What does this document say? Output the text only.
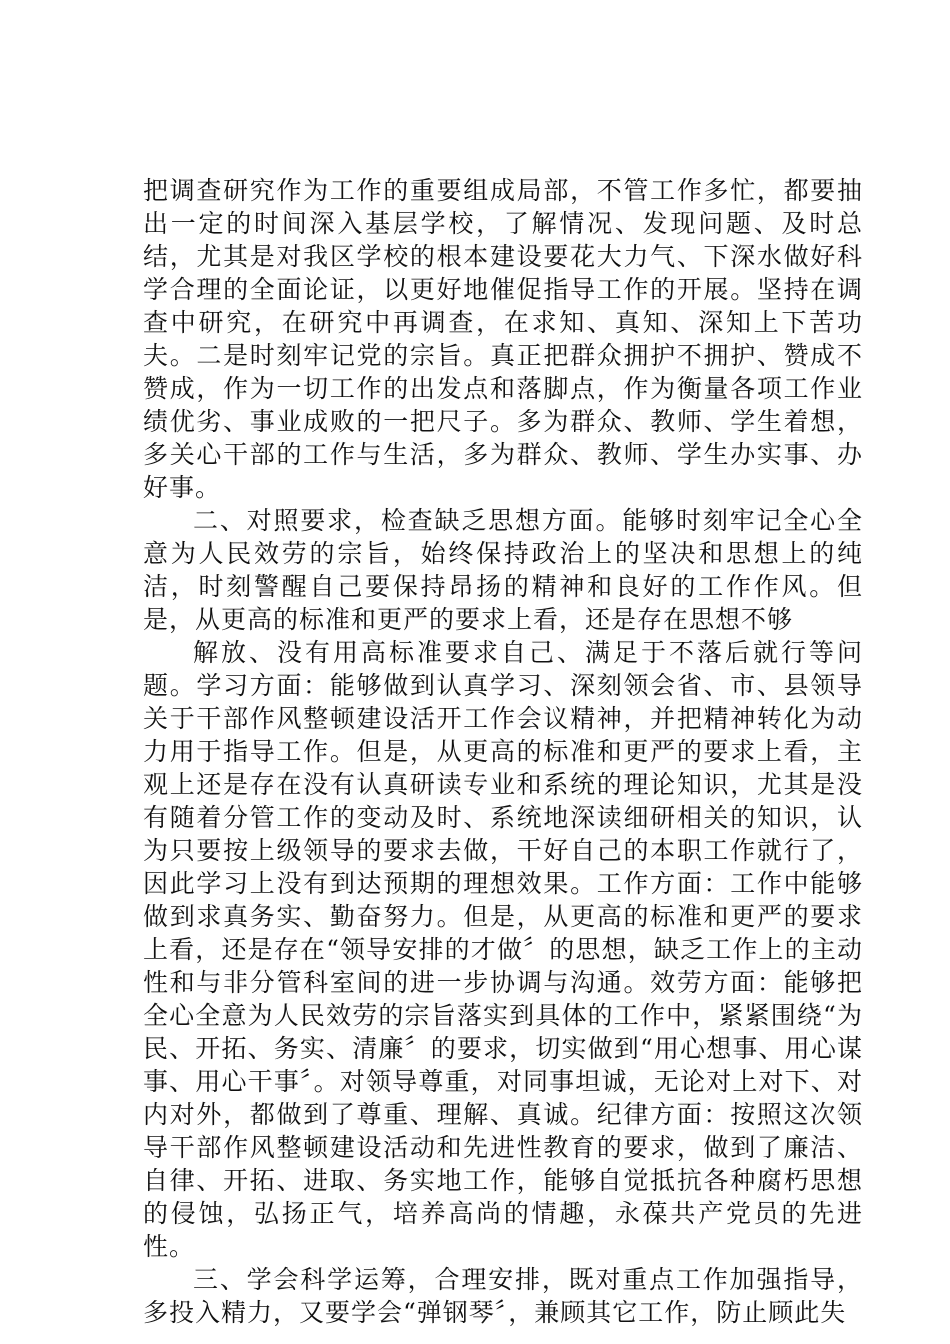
把调查研究作为工作的重要组成局部，不管工作多忙，都要抽出一定的时间深入基层学校，了解情况、发现问题、及时总结，尤其是对我区学校的根本建设要花大力气、下深水做好科学合理的全面论证，以更好地催促指导工作的开展。坚持在调查中研究，在研究中再调查，在求知、真知、深知上下苦功夫。二是时刻牢记党的宗旨。真正把群众拥护不拥护、赞成不赞成，作为一切工作的出发点和落脚点，作为衡量各项工作业绩优劣、事业成败的一把尺子。多为群众、教师、学生着想，多关心干部的工作与生活，多为群众、教师、学生办实事、办好事。

二、对照要求，检查缺乏思想方面。能够时刻牢记全心全意为人民效劳的宗旨，始终保持政治上的坚决和思想上的纯洁，时刻警醒自己要保持昂扬的精神和良好的工作作风。但是，从更高的标准和更严的要求上看，还是存在思想不够

解放、没有用高标准要求自己、满足于不落后就行等问题。学习方面：能够做到认真学习、深刻领会省、市、县领导关于干部作风整顿建设活开工作会议精神，并把精神转化为动力用于指导工作。但是，从更高的标准和更严的要求上看，主观上还是存在没有认真研读专业和系统的理论知识，尤其是没有随着分管工作的变动及时、系统地深读细研相关的知识，认为只要按上级领导的要求去做，干好自己的本职工作就行了，因此学习上没有到达预期的理想效果。工作方面：工作中能够做到求真务实、勤奋努力。但是，从更高的标准和更严的要求上看，还是存在“领导安排的才做〞的思想，缺乏工作上的主动性和与非分管科室间的进一步协调与沟通。效劳方面：能够把全心全意为人民效劳的宗旨落实到具体的工作中，紧紧围绕“为民、开拓、务实、清廉〞的要求，切实做到“用心想事、用心谋事、用心干事〞。对领导尊重，对同事坦诚，无论对上对下、对内对外，都做到了尊重、理解、真诚。纪律方面：按照这次领导干部作风整顿建设活动和先进性教育的要求，做到了廉洁、自律、开拓、进取、务实地工作，能够自觉抵抗各种腐朽思想的侵蚀，弘扬正气，培养高尚的情趣，永葆共产党员的先进性。

三、学会科学运筹，合理安排，既对重点工作加强指导，多投入精力，又要学会“弹钢琴〞，兼顾其它工作，防止顾此失
